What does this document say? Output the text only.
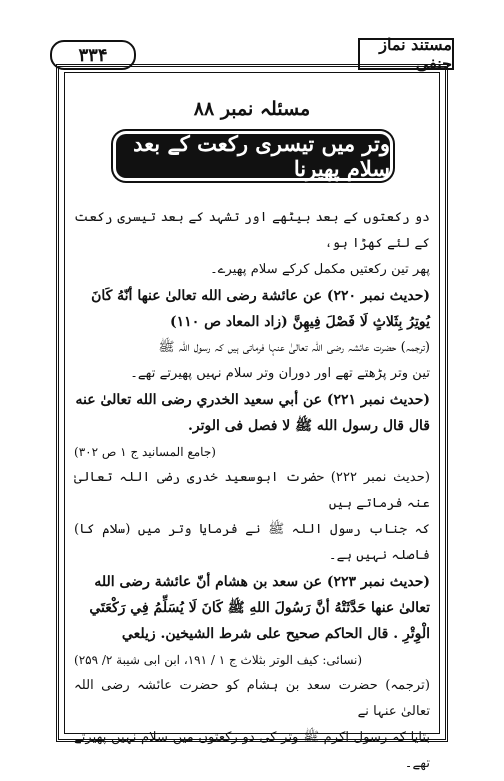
۳۳۴	مستند نماز حنفی
مسئلہ نمبر ۸۸
وتر میں تیسری رکعت کے بعد سلام پھیرنا

دو رکعتوں کے بعد بیٹھے اور تشہد کے بعد تیسری رکعت کے لئے کھڑا ہو،

پھر تین رکعتیں مکمل کرکے سلام پھیرے۔

(حدیث نمبر ۲۲۰) عن عائشة رضی الله تعالیٰ عنها أنّهُ كَانَ

يُوتِرُ بِثَلاثٍ لَا فَصْلَ فِيهِنَّ (زاد المعاد ص ۱۱۰)

(ترجمہ) حضرت عائشہ رضی اللہ تعالیٰ عنہا فرماتی ہیں کہ رسول اللہ ﷺ

تین وتر پڑھتے تھے اور دوران وتر سلام نہیں پھیرتے تھے۔

(حدیث نمبر ۲۲۱) عن أبي سعيد الخدري رضی الله تعالیٰ عنه

قال قال رسول الله ﷺ لا فصل فى الوتر.

(جامع المسانید ج ۱ ص ۳۰۲)

(حدیث نمبر ۲۲۲) حضرت ابوسعید خدری رضی اللہ تعالیٰ عنہ فرماتے ہیں

کہ جناب رسول اللہ ﷺ نے فرمایا وتر میں (سلام کا) فاصلہ نہیں ہے۔

(حدیث نمبر ۲۲۳) عن سعد بن هشام أنّ عائشة رضی الله

تعالیٰ عنها حَدَّثَتْهُ أنَّ رَسُولَ اللهِ ﷺ كَانَ لَا يُسَلِّمُ فِي رَكْعَتَي

الْوِتْرِ . قال الحاكم صحيح على شرط الشيخين. زيلعي

(نسائی: کیف الوتر بثلاث ج ۱ / ۱۹۱، ابن ابی شیبة ۲/ ۲۵۹)

(ترجمہ) حضرت سعد بن ہشام کو حضرت عائشہ رضی اللہ تعالیٰ عنہا نے

بتایا کہ رسول اکرم ﷺ وتر کی دو رکعتوں میں سلام نہیں پھیرتے تھے۔
